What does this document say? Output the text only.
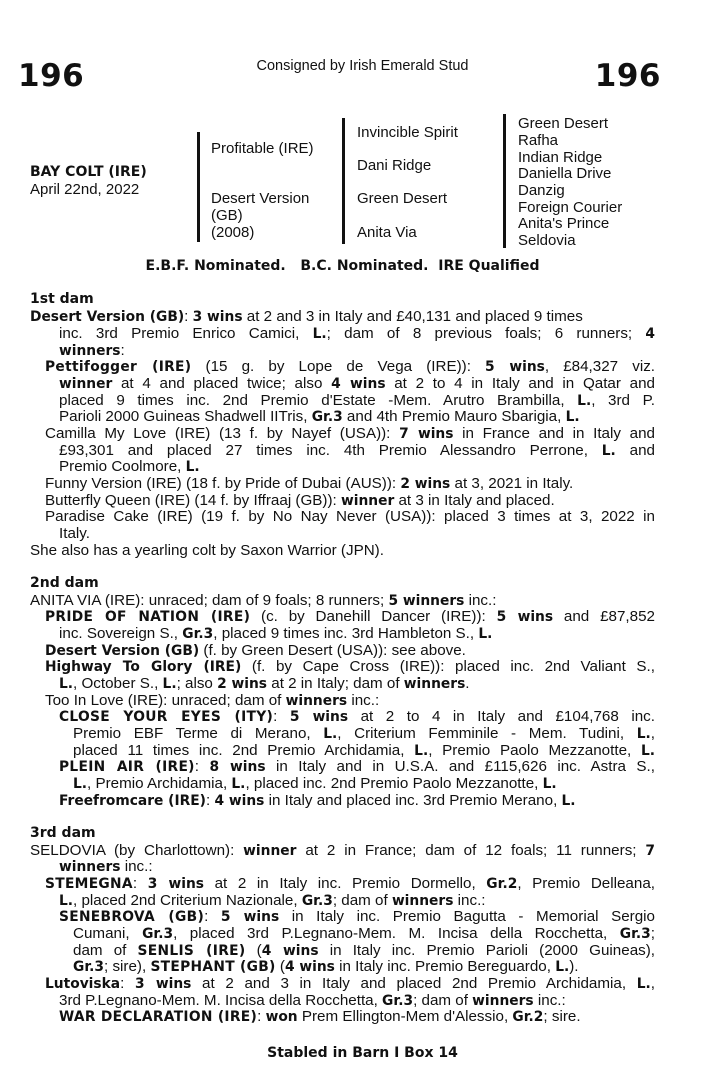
196	Consigned by Irish Emerald Stud	196
BAY COLT (IRE)
April 22nd, 2022
Profitable (IRE)
Desert Version
(GB)
(2008)
Invincible Spirit
Dani Ridge
Green Desert
Anita Via
Green Desert
Rafha
Indian Ridge
Daniella Drive
Danzig
Foreign Courier
Anita's Prince
Seldovia
E.B.F. Nominated.   B.C. Nominated.  IRE Qualified
1st dam
Desert Version (GB): 3 wins at 2 and 3 in Italy and £40,131 and placed 9 times
inc. 3rd Premio Enrico Camici, L.; dam of 8 previous foals; 6 runners; 4
winners:
Pettifogger (IRE) (15 g. by Lope de Vega (IRE)): 5 wins, £84,327 viz.
winner at 4 and placed twice; also 4 wins at 2 to 4 in Italy and in Qatar and
placed 9 times inc. 2nd Premio d'Estate -Mem. Arutro Brambilla, L., 3rd P.
Parioli 2000 Guineas Shadwell IITris, Gr.3 and 4th Premio Mauro Sbarigia, L.
Camilla My Love (IRE) (13 f. by Nayef (USA)): 7 wins in France and in Italy and
£93,301 and placed 27 times inc. 4th Premio Alessandro Perrone, L. and
Premio Coolmore, L.
Funny Version (IRE) (18 f. by Pride of Dubai (AUS)): 2 wins at 3, 2021 in Italy.
Butterfly Queen (IRE) (14 f. by Iffraaj (GB)): winner at 3 in Italy and placed.
Paradise Cake (IRE) (19 f. by No Nay Never (USA)): placed 3 times at 3, 2022 in
Italy.
She also has a yearling colt by Saxon Warrior (JPN).
2nd dam
ANITA VIA (IRE): unraced; dam of 9 foals; 8 runners; 5 winners inc.:
PRIDE OF NATION (IRE) (c. by Danehill Dancer (IRE)): 5 wins and £87,852
inc. Sovereign S., Gr.3, placed 9 times inc. 3rd Hambleton S., L.
Desert Version (GB) (f. by Green Desert (USA)): see above.
Highway To Glory (IRE) (f. by Cape Cross (IRE)): placed inc. 2nd Valiant S.,
L., October S., L.; also 2 wins at 2 in Italy; dam of winners.
Too In Love (IRE): unraced; dam of winners inc.:
CLOSE YOUR EYES (ITY): 5 wins at 2 to 4 in Italy and £104,768 inc.
Premio EBF Terme di Merano, L., Criterium Femminile - Mem. Tudini, L.,
placed 11 times inc. 2nd Premio Archidamia, L., Premio Paolo Mezzanotte, L.
PLEIN AIR (IRE): 8 wins in Italy and in U.S.A. and £115,626 inc. Astra S.,
L., Premio Archidamia, L., placed inc. 2nd Premio Paolo Mezzanotte, L.
Freefromcare (IRE): 4 wins in Italy and placed inc. 3rd Premio Merano, L.
3rd dam
SELDOVIA (by Charlottown): winner at 2 in France; dam of 12 foals; 11 runners; 7
winners inc.:
STEMEGNA: 3 wins at 2 in Italy inc. Premio Dormello, Gr.2, Premio Delleana,
L., placed 2nd Criterium Nazionale, Gr.3; dam of winners inc.:
SENEBROVA (GB): 5 wins in Italy inc. Premio Bagutta - Memorial Sergio
Cumani, Gr.3, placed 3rd P.Legnano-Mem. M. Incisa della Rocchetta, Gr.3;
dam of SENLIS (IRE) (4 wins in Italy inc. Premio Parioli (2000 Guineas),
Gr.3; sire), STEPHANT (GB) (4 wins in Italy inc. Premio Bereguardo, L.).
Lutoviska: 3 wins at 2 and 3 in Italy and placed 2nd Premio Archidamia, L.,
3rd P.Legnano-Mem. M. Incisa della Rocchetta, Gr.3; dam of winners inc.:
WAR DECLARATION (IRE): won Prem Ellington-Mem d'Alessio, Gr.2; sire.
Stabled in Barn I Box 14
